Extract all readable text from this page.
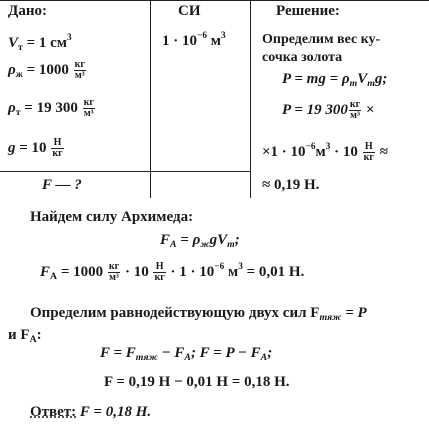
Дано:
$V_т = 1$ $см^3$
$\rho_ж = 1000 \frac{кг}{\text{м³}}$
$\rho_т = 19$ $300 \frac{кг}{\text{м³}}$
$g = 10 \frac{Н}{кг}$
F — ?
СИ
$1 \cdot 10^{-6}$ $м^3$
Решение:
Определим вес ку-
сочка золота
P = mg = $\rho_тV_тg$;
P = 19 $300 \frac{кг}{\text{м³}}$ ×
$\times 1 \cdot 10^{-6}м^3 \cdot 10 \frac{Н}{кг}$ ≈
≈ 0,19 Н.
Найдем силу Архимеда:
$F_A = \rho_жgV_т$;
$F_A = 1000 \frac{кг}{\text{м³}} \cdot 10 \frac{Н}{кг} \cdot 1 \cdot 10^{-6}$ $м^3 = 0,01$ Н.
Определим равнодействующую двух сил $F_{тяж} = P$
и $F_A$:
$F = F_{тяж} - F_A$; $F = P - F_A$;
F = 0,19 Н − 0,01 Н = 0,18 Н.
Ответ: F = 0,18 Н.
